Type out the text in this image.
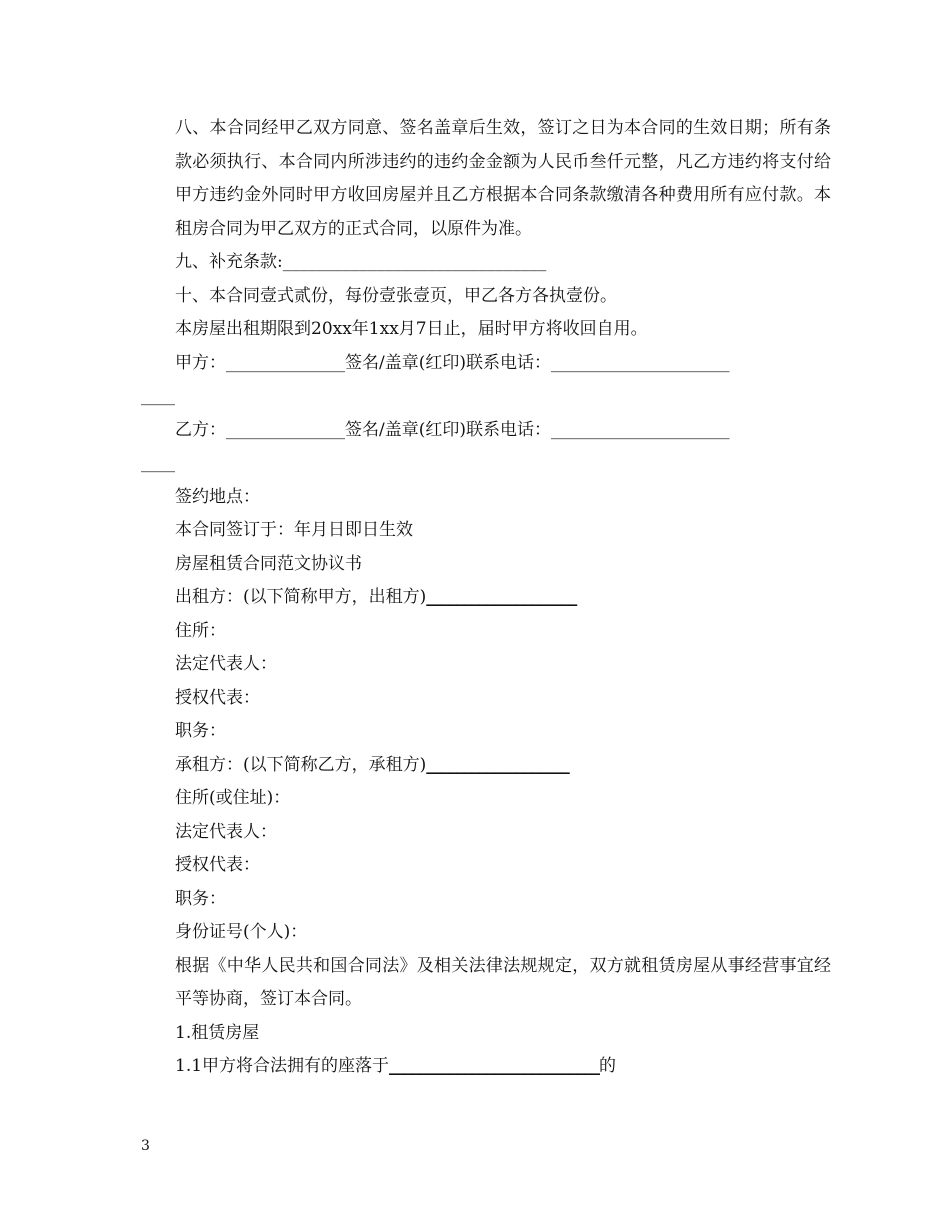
八、本合同经甲乙双方同意、签名盖章后生效，签订之日为本合同的生效日期；所有条款必须执行、本合同内所涉违约的违约金金额为人民币叁仟元整，凡乙方违约将支付给甲方违约金外同时甲方收回房屋并且乙方根据本合同条款缴清各种费用所有应付款。本租房合同为甲乙双方的正式合同，以原件为准。

九、补充条款:_______________________________

十、本合同壹式贰份，每份壹张壹页，甲乙各方各执壹份。

本房屋出租期限到20xx年1xx月7日止，届时甲方将收回自用。

甲方：______________签名/盖章(红印)联系电话：_____________________

____

乙方：______________签名/盖章(红印)联系电话：_____________________

____

签约地点：

本合同签订于：年月日即日生效

房屋租赁合同范文协议书

出租方：(以下简称甲方，出租方)____________________

住所：

法定代表人：

授权代表：

职务：

承租方：(以下简称乙方，承租方)___________________

住所(或住址)：

法定代表人：

授权代表：

职务：

身份证号(个人)：

根据《中华人民共和国合同法》及相关法律法规规定，双方就租赁房屋从事经营事宜经平等协商，签订本合同。

1.租赁房屋

1.1甲方将合法拥有的座落于____________________________的

3
